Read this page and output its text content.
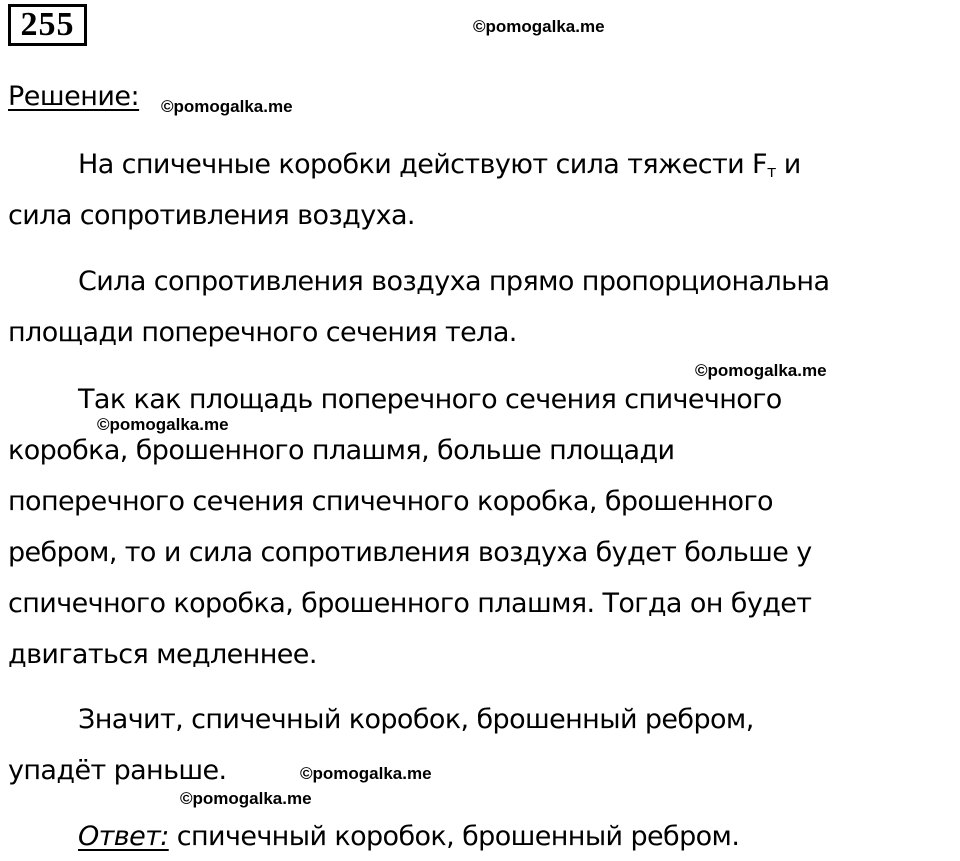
255	©pomogalka.me
Решение: ©pomogalka.me
На спичечные коробки действуют сила тяжести $F_т$ и
сила сопротивления воздуха.
Сила сопротивления воздуха прямо пропорциональна
площади поперечного сечения тела.
©pomogalka.me
Так как площадь поперечного сечения спичечного
©pomogalka.me
коробка, брошенного плашмя, больше площади
поперечного сечения спичечного коробка, брошенного
ребром, то и сила сопротивления воздуха будет больше у
спичечного коробка, брошенного плашмя. Тогда он будет
двигаться медленнее.
Значит, спичечный коробок, брошенный ребром,
упадёт раньше.	©pomogalka.me
©pomogalka.me
Ответ: спичечный коробок, брошенный ребром.
